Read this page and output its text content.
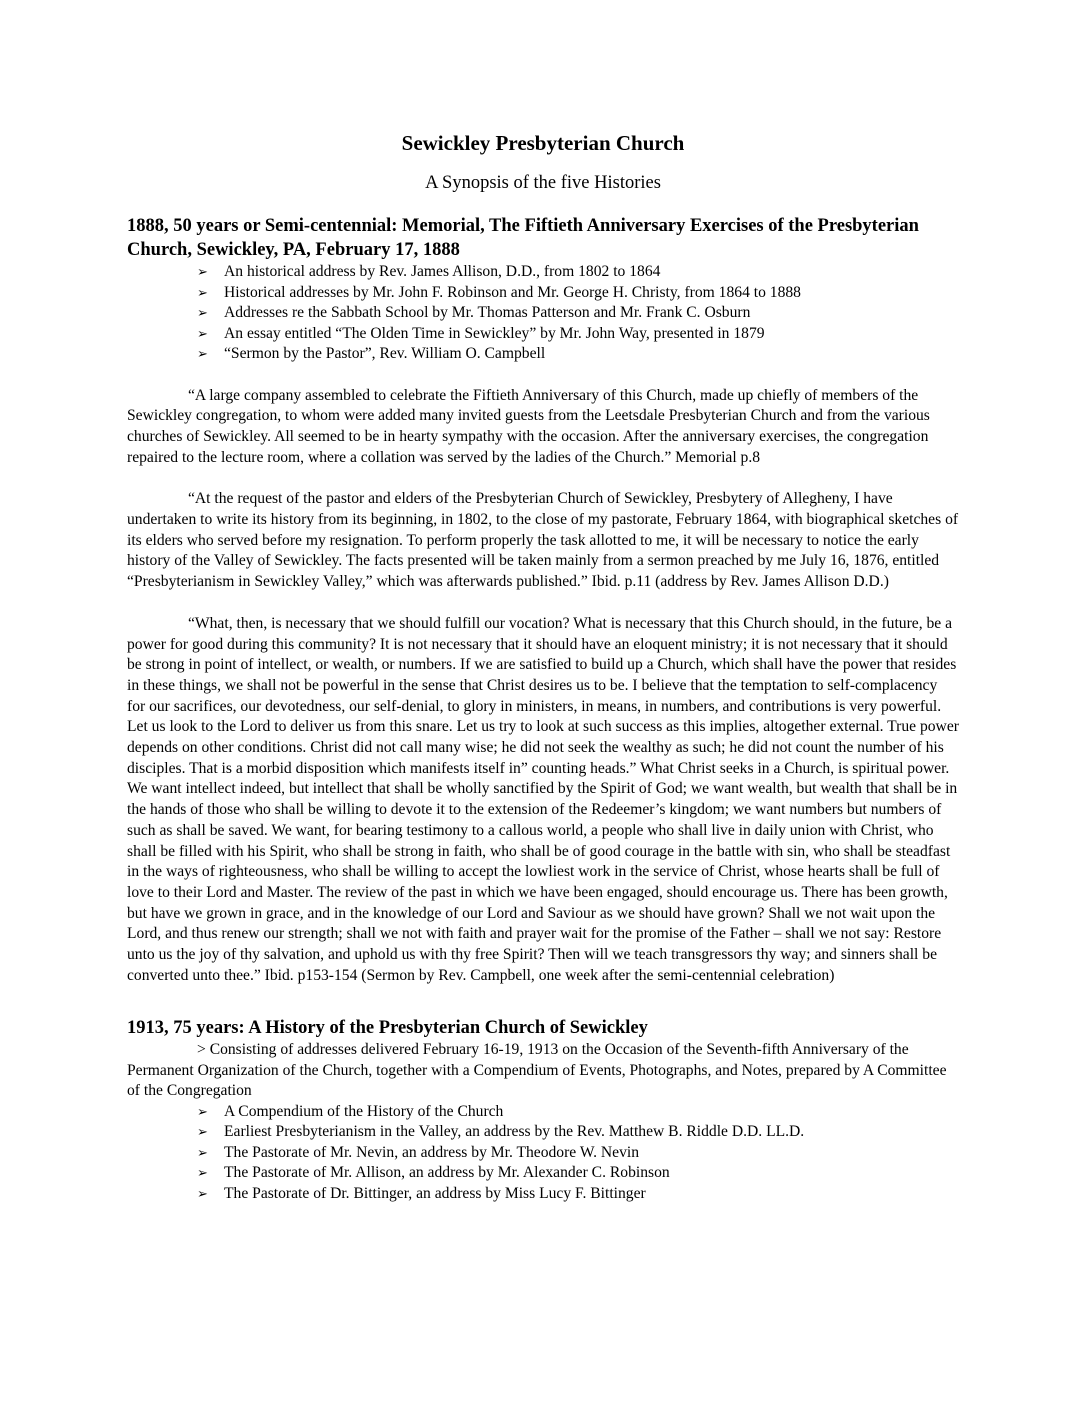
Sewickley Presbyterian Church
A Synopsis of the five Histories
1888, 50 years or Semi-centennial: Memorial, The Fiftieth Anniversary Exercises of the Presbyterian Church, Sewickley, PA, February 17, 1888
➢ An historical address by Rev. James Allison, D.D., from 1802 to 1864
➢ Historical addresses by Mr. John F. Robinson and Mr. George H. Christy, from 1864 to 1888
➢ Addresses re the Sabbath School by Mr. Thomas Patterson and Mr. Frank C. Osburn
➢ An essay entitled “The Olden Time in Sewickley” by Mr. John Way, presented in 1879
➢ “Sermon by the Pastor”, Rev. William O. Campbell

“A large company assembled to celebrate the Fiftieth Anniversary of this Church, made up chiefly of members of the Sewickley congregation, to whom were added many invited guests from the Leetsdale Presbyterian Church and from the various churches of Sewickley. All seemed to be in hearty sympathy with the occasion. After the anniversary exercises, the congregation repaired to the lecture room, where a collation was served by the ladies of the Church.” Memorial p.8

“At the request of the pastor and elders of the Presbyterian Church of Sewickley, Presbytery of Allegheny, I have undertaken to write its history from its beginning, in 1802, to the close of my pastorate, February 1864, with biographical sketches of its elders who served before my resignation. To perform properly the task allotted to me, it will be necessary to notice the early history of the Valley of Sewickley. The facts presented will be taken mainly from a sermon preached by me July 16, 1876, entitled “Presbyterianism in Sewickley Valley,” which was afterwards published.” Ibid. p.11 (address by Rev. James Allison D.D.)

“What, then, is necessary that we should fulfill our vocation? What is necessary that this Church should, in the future, be a power for good during this community? It is not necessary that it should have an eloquent ministry; it is not necessary that it should be strong in point of intellect, or wealth, or numbers. If we are satisfied to build up a Church, which shall have the power that resides in these things, we shall not be powerful in the sense that Christ desires us to be. I believe that the temptation to self-complacency for our sacrifices, our devotedness, our self-denial, to glory in ministers, in means, in numbers, and contributions is very powerful. Let us look to the Lord to deliver us from this snare. Let us try to look at such success as this implies, altogether external. True power depends on other conditions. Christ did not call many wise; he did not seek the wealthy as such; he did not count the number of his disciples. That is a morbid disposition which manifests itself in” counting heads.” What Christ seeks in a Church, is spiritual power. We want intellect indeed, but intellect that shall be wholly sanctified by the Spirit of God; we want wealth, but wealth that shall be in the hands of those who shall be willing to devote it to the extension of the Redeemer’s kingdom; we want numbers but numbers of such as shall be saved. We want, for bearing testimony to a callous world, a people who shall live in daily union with Christ, who shall be filled with his Spirit, who shall be strong in faith, who shall be of good courage in the battle with sin, who shall be steadfast in the ways of righteousness, who shall be willing to accept the lowliest work in the service of Christ, whose hearts shall be full of love to their Lord and Master. The review of the past in which we have been engaged, should encourage us. There has been growth, but have we grown in grace, and in the knowledge of our Lord and Saviour as we should have grown? Shall we not wait upon the Lord, and thus renew our strength; shall we not with faith and prayer wait for the promise of the Father – shall we not say: Restore unto us the joy of thy salvation, and uphold us with thy free Spirit? Then will we teach transgressors thy way; and sinners shall be converted unto thee.” Ibid. p153-154 (Sermon by Rev. Campbell, one week after the semi-centennial celebration)

1913, 75 years: A History of the Presbyterian Church of Sewickley

> Consisting of addresses delivered February 16-19, 1913 on the Occasion of the Seventh-fifth Anniversary of the Permanent Organization of the Church, together with a Compendium of Events, Photographs, and Notes, prepared by A Committee of the Congregation

➢ A Compendium of the History of the Church
➢ Earliest Presbyterianism in the Valley, an address by the Rev. Matthew B. Riddle D.D. LL.D.
➢ The Pastorate of Mr. Nevin, an address by Mr. Theodore W. Nevin
➢ The Pastorate of Mr. Allison, an address by Mr. Alexander C. Robinson
➢ The Pastorate of Dr. Bittinger, an address by Miss Lucy F. Bittinger
